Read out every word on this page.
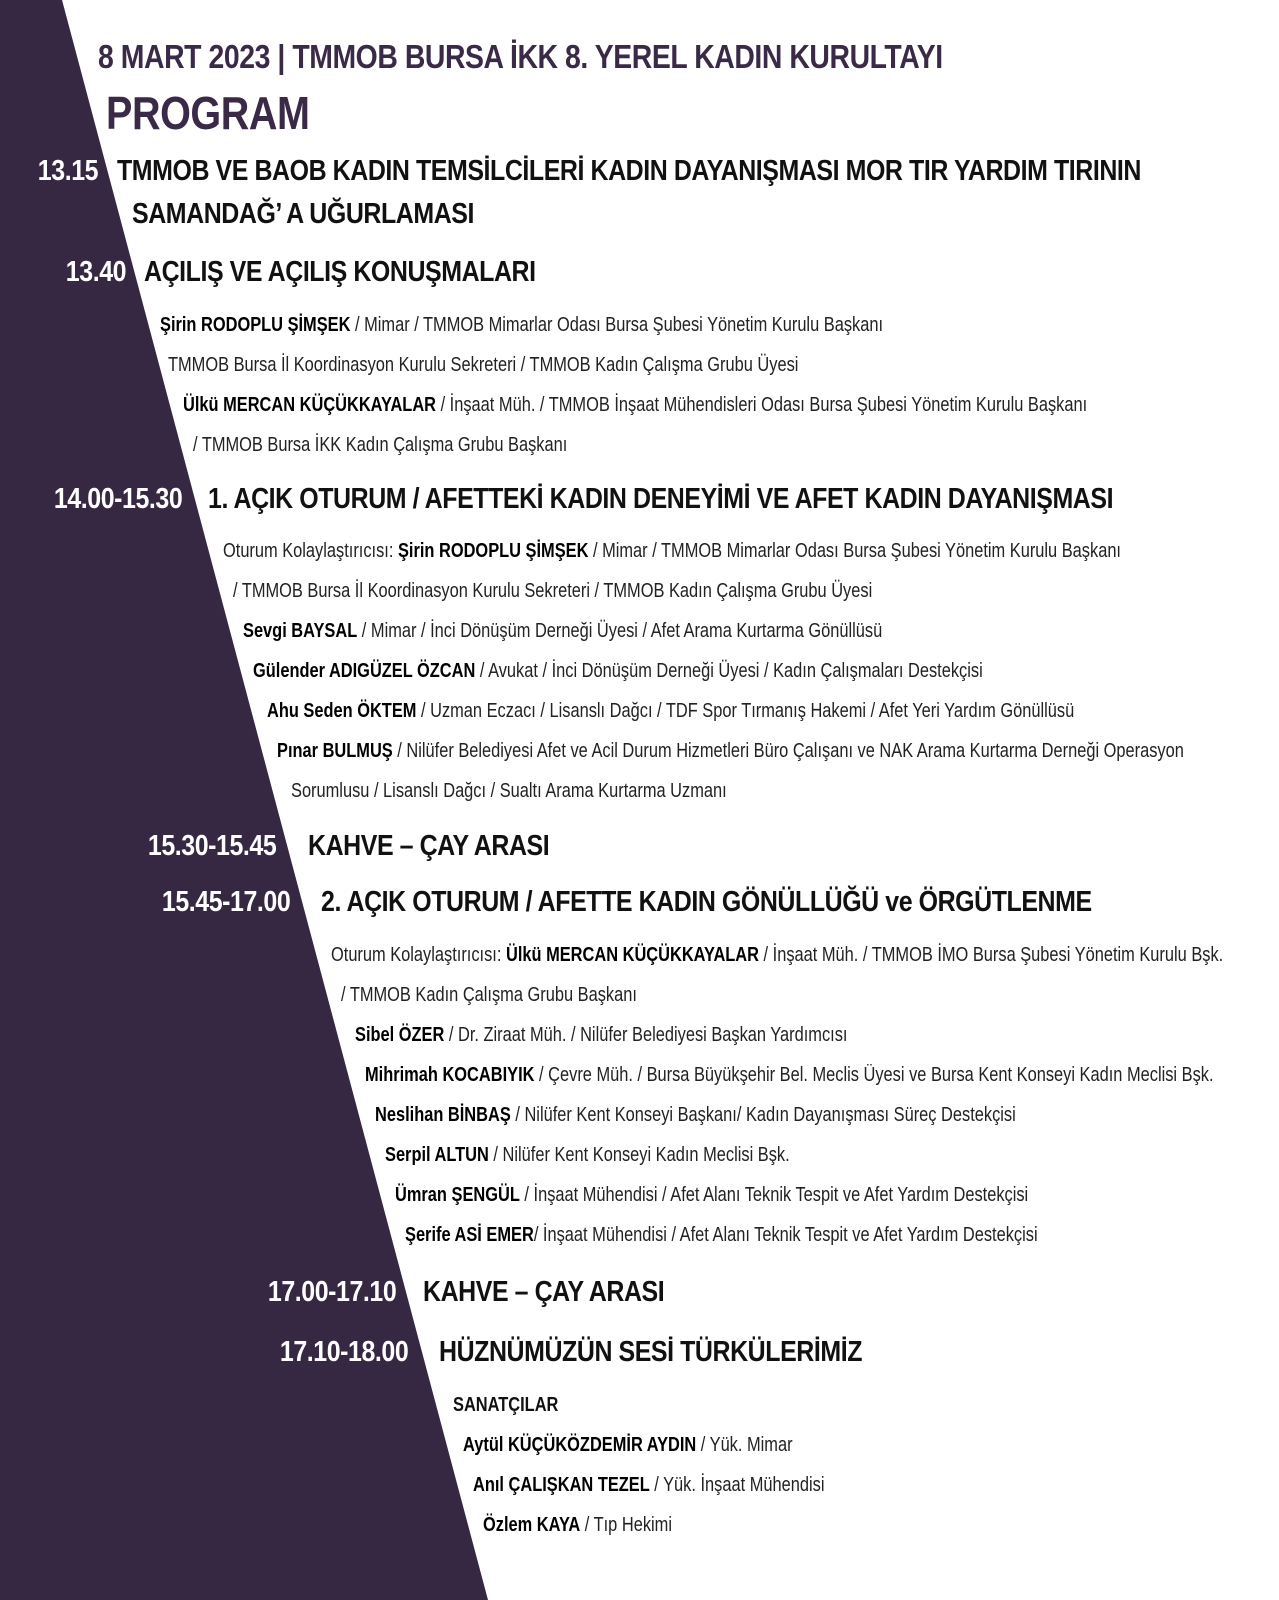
8 MART 2023 | TMMOB BURSA İKK 8. YEREL KADIN KURULTAYI
PROGRAM
13.15 TMMOB VE BAOB KADIN TEMSİLCİLERİ KADIN DAYANIŞMASI MOR TIR YARDIM TIRININ
SAMANDAĞ’ A UĞURLAMASI
13.40 AÇILIŞ VE AÇILIŞ KONUŞMALARI
Şirin RODOPLU ŞİMŞEK / Mimar / TMMOB Mimarlar Odası Bursa Şubesi Yönetim Kurulu Başkanı
TMMOB Bursa İl Koordinasyon Kurulu Sekreteri / TMMOB Kadın Çalışma Grubu Üyesi
Ülkü MERCAN KÜÇÜKKAYALAR / İnşaat Müh. / TMMOB İnşaat Mühendisleri Odası Bursa Şubesi Yönetim Kurulu Başkanı
/ TMMOB Bursa İKK Kadın Çalışma Grubu Başkanı
14.00-15.30 1. AÇIK OTURUM / AFETTEKİ KADIN DENEYİMİ VE AFET KADIN DAYANIŞMASI
Oturum Kolaylaştırıcısı: Şirin RODOPLU ŞİMŞEK / Mimar / TMMOB Mimarlar Odası Bursa Şubesi Yönetim Kurulu Başkanı
/ TMMOB Bursa İl Koordinasyon Kurulu Sekreteri / TMMOB Kadın Çalışma Grubu Üyesi
Sevgi BAYSAL / Mimar / İnci Dönüşüm Derneği Üyesi / Afet Arama Kurtarma Gönüllüsü
Gülender ADIGÜZEL ÖZCAN / Avukat / İnci Dönüşüm Derneği Üyesi / Kadın Çalışmaları Destekçisi
Ahu Seden ÖKTEM / Uzman Eczacı / Lisanslı Dağcı / TDF Spor Tırmanış Hakemi / Afet Yeri Yardım Gönüllüsü
Pınar BULMUŞ / Nilüfer Belediyesi Afet ve Acil Durum Hizmetleri Büro Çalışanı ve NAK Arama Kurtarma Derneği Operasyon
Sorumlusu / Lisanslı Dağcı / Sualtı Arama Kurtarma Uzmanı
15.30-15.45 KAHVE – ÇAY ARASI
15.45-17.00 2. AÇIK OTURUM / AFETTE KADIN GÖNÜLLÜĞÜ ve ÖRGÜTLENME
Oturum Kolaylaştırıcısı: Ülkü MERCAN KÜÇÜKKAYALAR / İnşaat Müh. / TMMOB İMO Bursa Şubesi Yönetim Kurulu Bşk.
/ TMMOB Kadın Çalışma Grubu Başkanı
Sibel ÖZER / Dr. Ziraat Müh. / Nilüfer Belediyesi Başkan Yardımcısı
Mihrimah KOCABIYIK / Çevre Müh. / Bursa Büyükşehir Bel. Meclis Üyesi ve Bursa Kent Konseyi Kadın Meclisi Bşk.
Neslihan BİNBAŞ / Nilüfer Kent Konseyi Başkanı/ Kadın Dayanışması Süreç Destekçisi
Serpil ALTUN / Nilüfer Kent Konseyi Kadın Meclisi Bşk.
Ümran ŞENGÜL / İnşaat Mühendisi / Afet Alanı Teknik Tespit ve Afet Yardım Destekçisi
Şerife ASİ EMER/ İnşaat Mühendisi / Afet Alanı Teknik Tespit ve Afet Yardım Destekçisi
17.00-17.10 KAHVE – ÇAY ARASI
17.10-18.00 HÜZNÜMÜZÜN SESİ TÜRKÜLERİMİZ
SANATÇILAR
Aytül KÜÇÜKÖZDEMİR AYDIN / Yük. Mimar
Anıl ÇALIŞKAN TEZEL / Yük. İnşaat Mühendisi
Özlem KAYA / Tıp Hekimi
